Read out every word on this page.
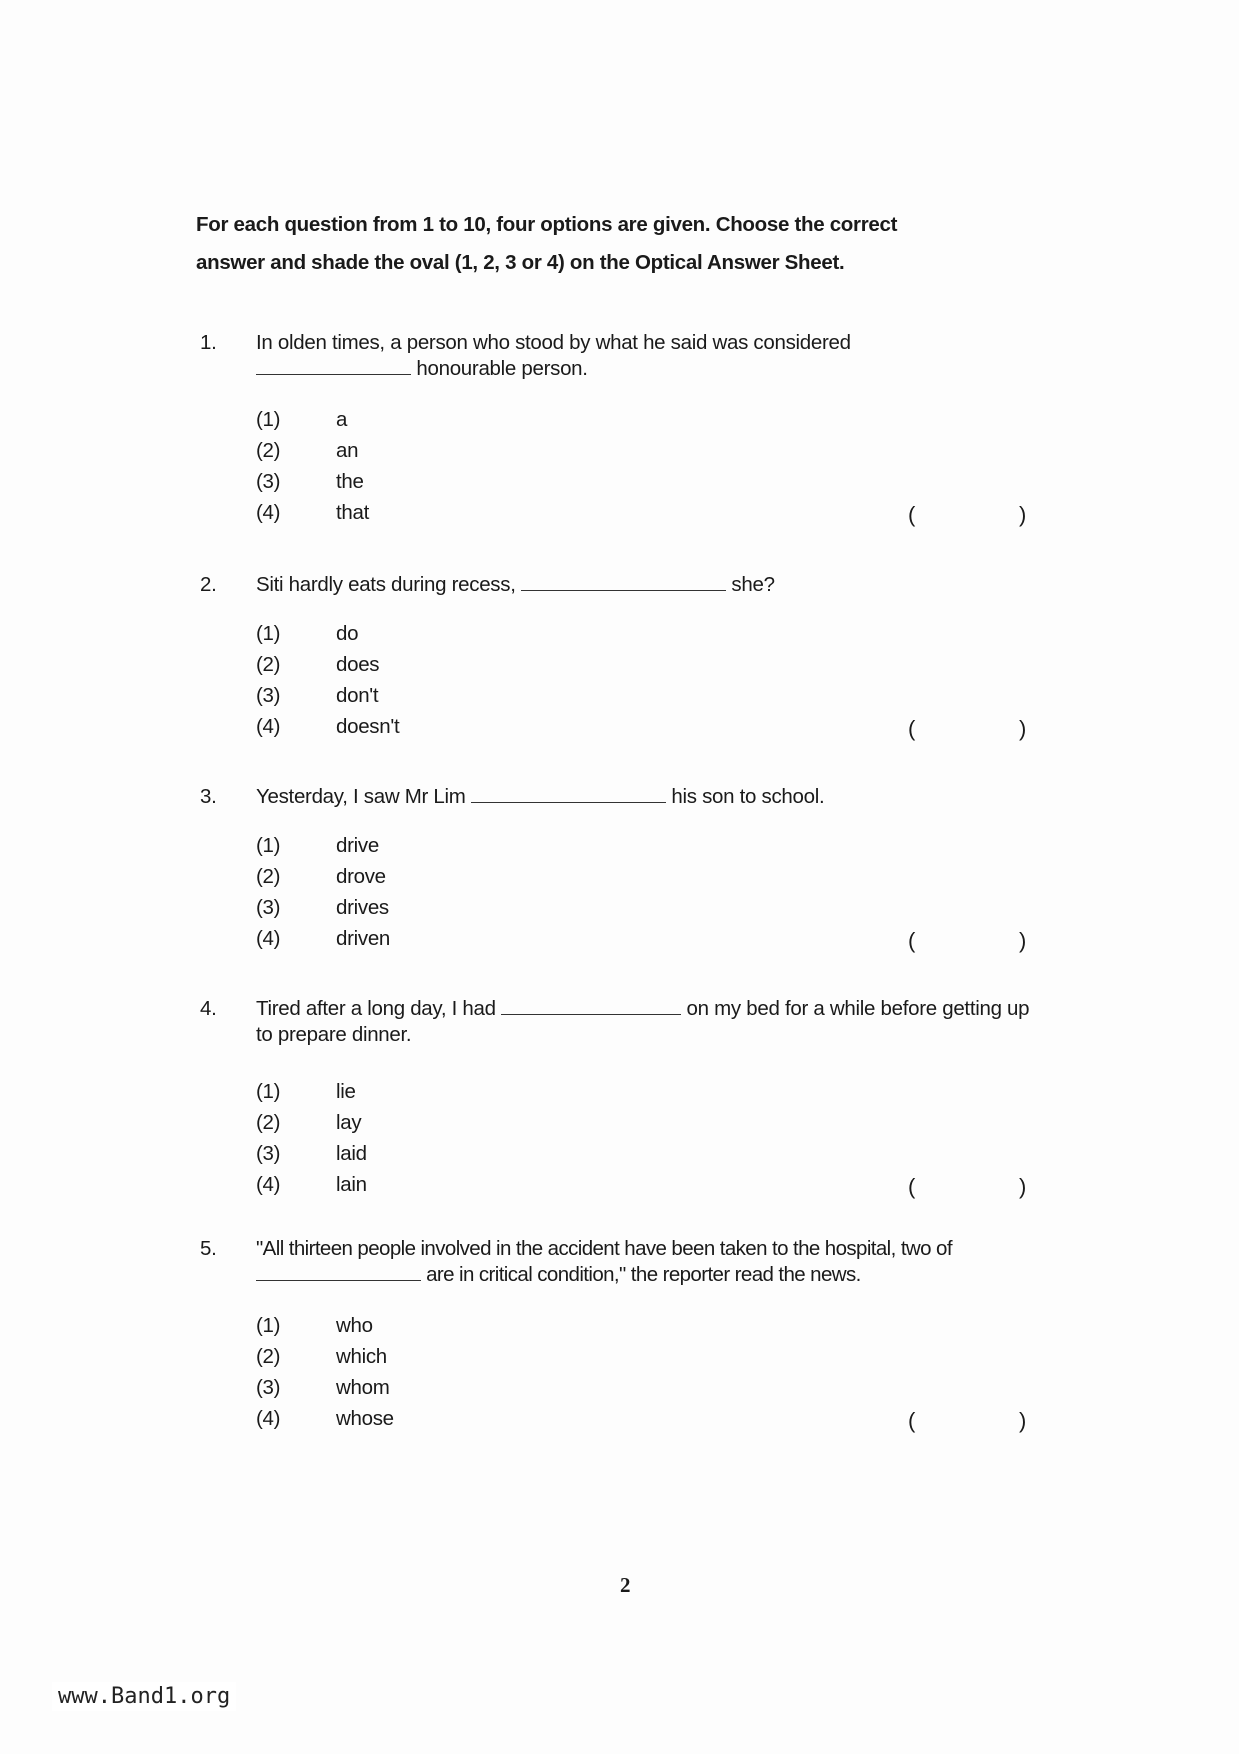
For each question from 1 to 10, four options are given. Choose the correct
answer and shade the oval (1, 2, 3 or 4) on the Optical Answer Sheet.
1.	In olden times, a person who stood by what he said was considered
honourable person.
(1)	a
(2)	an
(3)	the
(4)	that	(	)
2.	Siti hardly eats during recess,	she?
(1)	do
(2)	does
(3)	don't
(4)	doesn't	(	)
3.	Yesterday, I saw Mr Lim	his son to school.
(1)	drive
(2)	drove
(3)	drives
(4)	driven	(	)
4.	Tired after a long day, I had	on my bed for a while before getting up to prepare dinner.
(1)	lie
(2)	lay
(3)	laid
(4)	lain	(	)
5.	"All thirteen people involved in the accident have been taken to the hospital, two of  are in critical condition," the reporter read the news.
(1)	who
(2)	which
(3)	whom
(4)	whose	(	)
2
www.Band1.org
